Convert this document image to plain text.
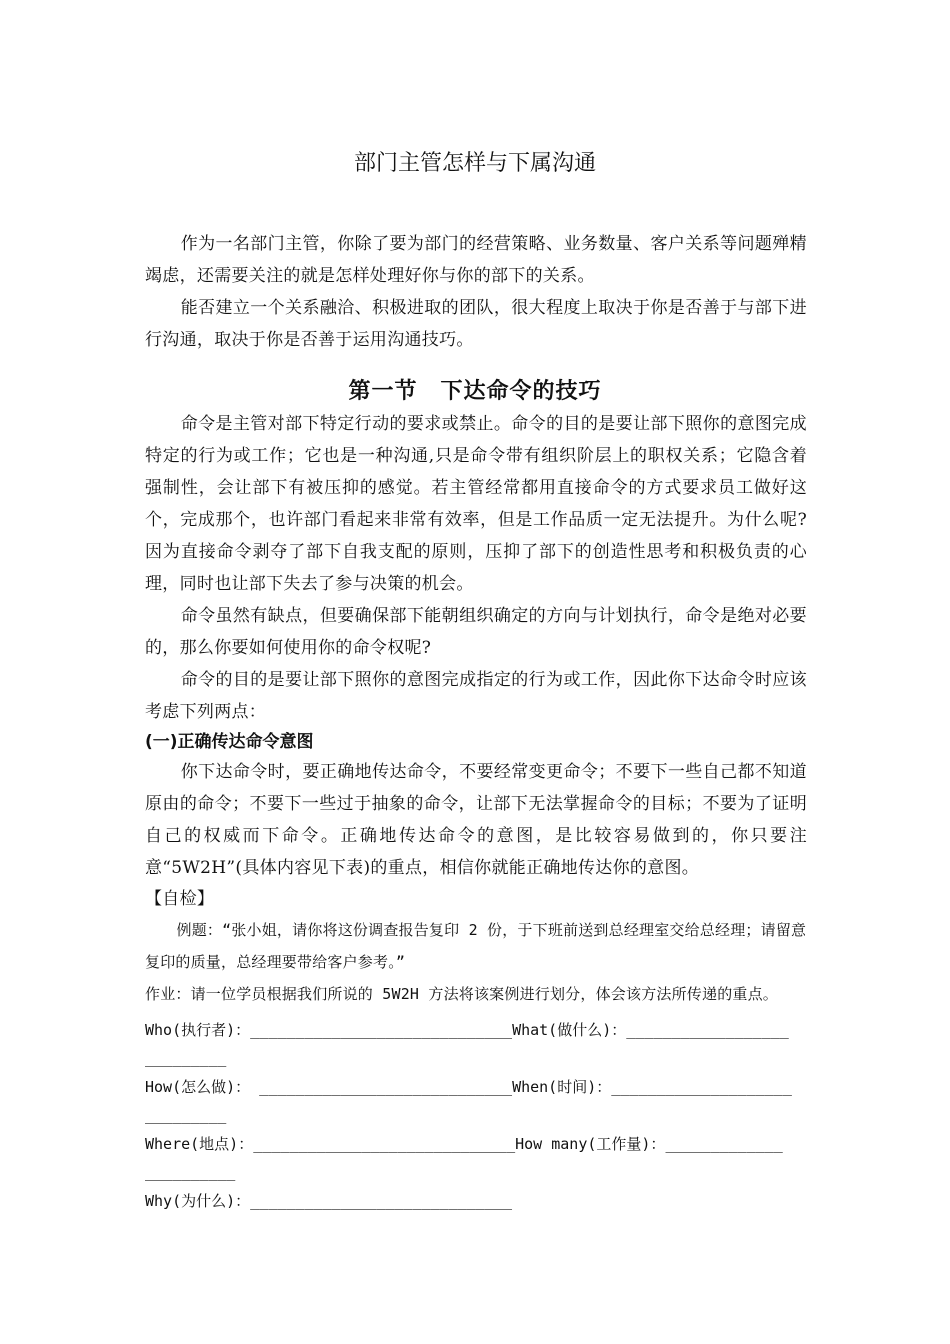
部门主管怎样与下属沟通

作为一名部门主管，你除了要为部门的经营策略、业务数量、客户关系等问题殚精竭虑，还需要关注的就是怎样处理好你与你的部下的关系。

能否建立一个关系融洽、积极进取的团队，很大程度上取决于你是否善于与部下进行沟通，取决于你是否善于运用沟通技巧。

第一节　下达命令的技巧

命令是主管对部下特定行动的要求或禁止。命令的目的是要让部下照你的意图完成特定的行为或工作；它也是一种沟通,只是命令带有组织阶层上的职权关系；它隐含着强制性，会让部下有被压抑的感觉。若主管经常都用直接命令的方式要求员工做好这个，完成那个，也许部门看起来非常有效率，但是工作品质一定无法提升。为什么呢?因为直接命令剥夺了部下自我支配的原则，压抑了部下的创造性思考和积极负责的心理，同时也让部下失去了参与决策的机会。

命令虽然有缺点，但要确保部下能朝组织确定的方向与计划执行，命令是绝对必要的，那么你要如何使用你的命令权呢?

命令的目的是要让部下照你的意图完成指定的行为或工作，因此你下达命令时应该考虑下列两点：

(一)正确传达命令意图

你下达命令时，要正确地传达命令，不要经常变更命令；不要下一些自己都不知道原由的命令；不要下一些过于抽象的命令，让部下无法掌握命令的目标；不要为了证明自己的权威而下命令。正确地传达命令的意图，是比较容易做到的，你只要注意“5W2H”(具体内容见下表)的重点，相信你就能正确地传达你的意图。

【自检】

例题：“张小姐，请你将这份调查报告复印 2 份，于下班前送到总经理室交给总经理；请留意复印的质量，总经理要带给客户参考。”

作业：请一位学员根据我们所说的 5W2H 方法将该案例进行划分，体会该方法所传递的重点。

Who(执行者)：_____________________________What(做什么)：__________________
_________
How(怎么做)： ____________________________When(时间)：____________________
_________
Where(地点)：_____________________________How many(工作量)：_____________
__________
Why(为什么)：_____________________________
